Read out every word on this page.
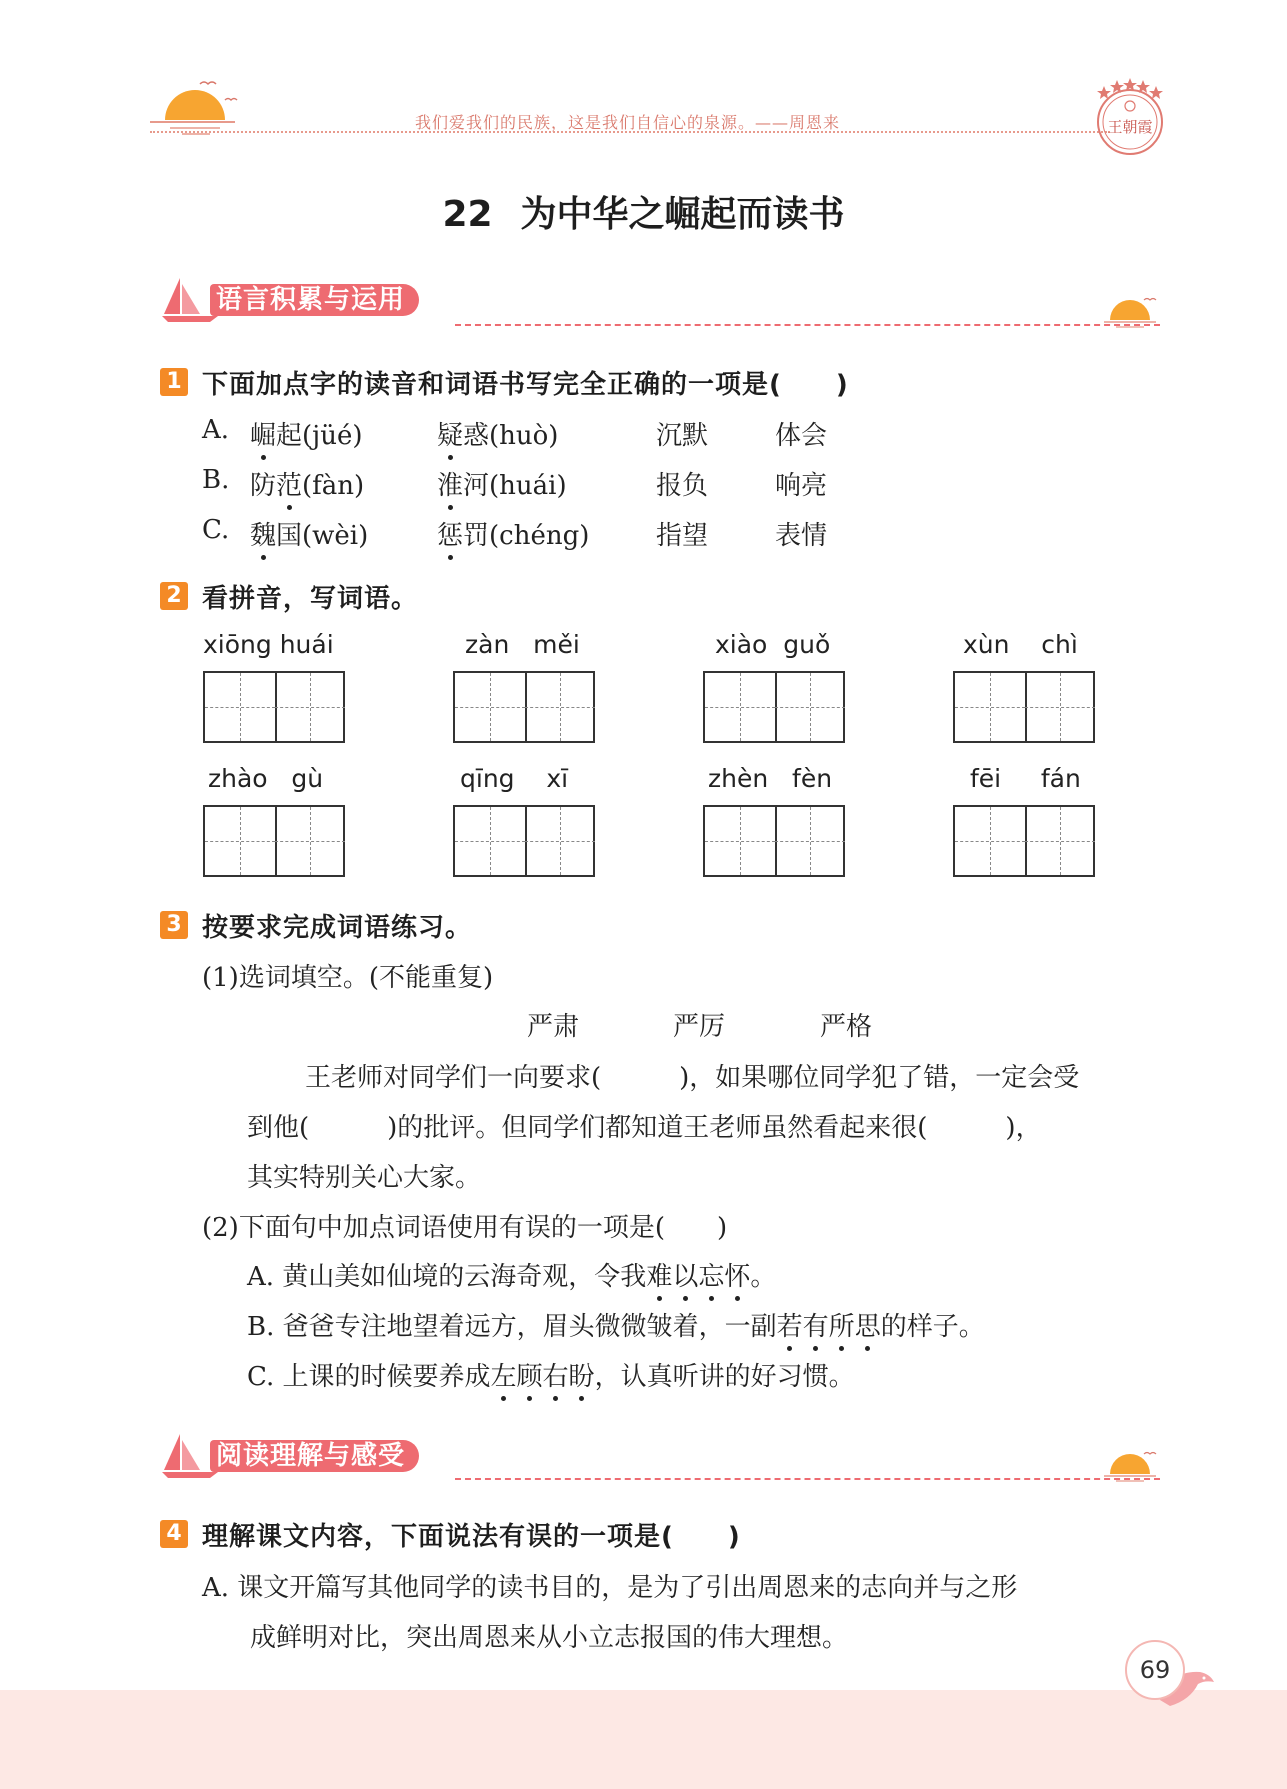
我们爱我们的民族，这是我们自信心的泉源。——周恩来	王朝霞
22 为中华之崛起而读书
语言积累与运用
1 下面加点字的读音和词语书写完全正确的一项是(　　)
A. 崛起(jüé)	疑惑(huò)	沉默	体会
B. 防范(fàn)	淮河(huái)	报负	响亮
C. 魏国(wèi)	惩罚(chéng)	指望	表情
2 看拼音，写词语。
xiōng huái	zàn   měi	xiào  guǒ	xùn    chì
zhào   gù	qīng    xī	zhèn   fèn	fēi     fán
3 按要求完成词语练习。
(1)选词填空。(不能重复)
严肃	严厉	严格
王老师对同学们一向要求(　　　)，如果哪位同学犯了错，一定会受
到他(　　　)的批评。但同学们都知道王老师虽然看起来很(　　　)，
其实特别关心大家。
(2)下面句中加点词语使用有误的一项是(　　)
A. 黄山美如仙境的云海奇观，令我难以忘怀。
B. 爸爸专注地望着远方，眉头微微皱着，一副若有所思的样子。
C. 上课的时候要养成左顾右盼，认真听讲的好习惯。
阅读理解与感受
4 理解课文内容，下面说法有误的一项是(　　)
A. 课文开篇写其他同学的读书目的，是为了引出周恩来的志向并与之形
成鲜明对比，突出周恩来从小立志报国的伟大理想。
69
